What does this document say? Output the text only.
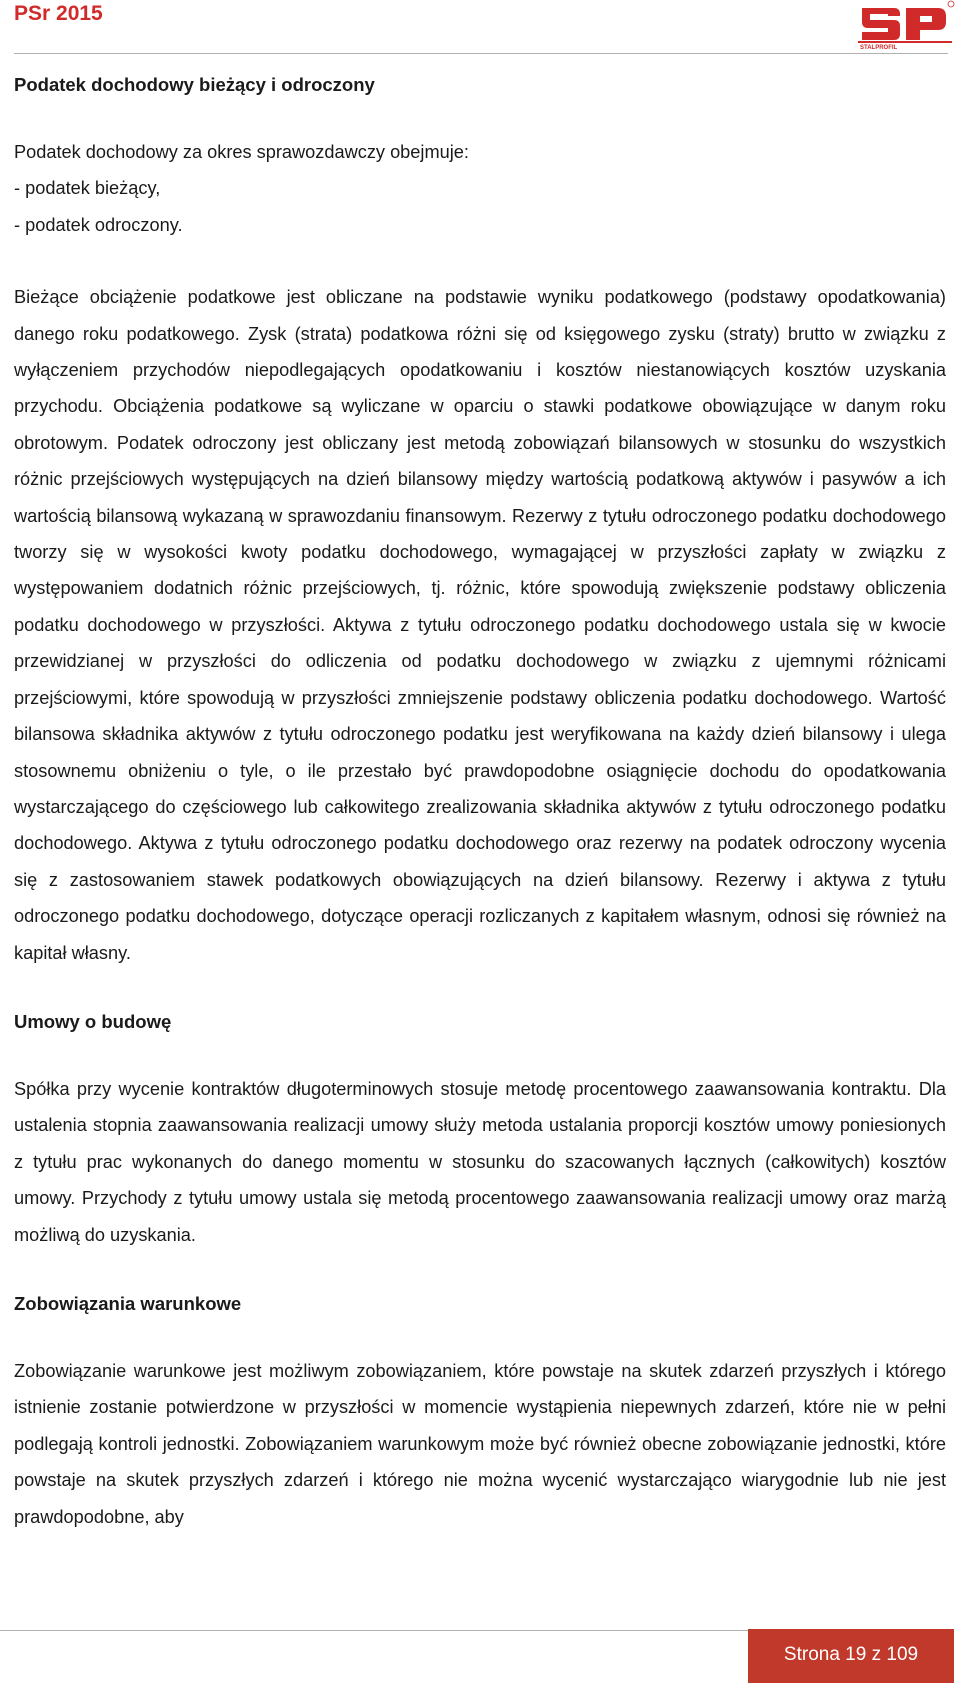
PSr 2015
STALPROFIL
Podatek dochodowy bieżący i odroczony

Podatek dochodowy za okres sprawozdawczy obejmuje:
- podatek bieżący,
- podatek odroczony.

Bieżące obciążenie podatkowe jest obliczane na podstawie wyniku podatkowego (podstawy opodatkowania) danego roku podatkowego. Zysk (strata) podatkowa różni się od księgowego zysku (straty) brutto w związku z wyłączeniem przychodów niepodlegających opodatkowaniu i kosztów niestanowiących kosztów uzyskania przychodu. Obciążenia podatkowe są wyliczane w oparciu o stawki podatkowe obowiązujące w danym roku obrotowym. Podatek odroczony jest obliczany jest metodą zobowiązań bilansowych w stosunku do wszystkich różnic przejściowych występujących na dzień bilansowy między wartością podatkową aktywów i pasywów a ich wartością bilansową wykazaną w sprawozdaniu finansowym. Rezerwy z tytułu odroczonego podatku dochodowego tworzy się w wysokości kwoty podatku dochodowego, wymagającej w przyszłości zapłaty w związku z występowaniem dodatnich różnic przejściowych, tj. różnic, które spowodują zwiększenie podstawy obliczenia podatku dochodowego w przyszłości. Aktywa z tytułu odroczonego podatku dochodowego ustala się w kwocie przewidzianej w przyszłości do odliczenia od podatku dochodowego w związku z ujemnymi różnicami przejściowymi, które spowodują w przyszłości zmniejszenie podstawy obliczenia podatku dochodowego. Wartość bilansowa składnika aktywów z tytułu odroczonego podatku jest weryfikowana na każdy dzień bilansowy i ulega stosownemu obniżeniu o tyle, o ile przestało być prawdopodobne osiągnięcie dochodu do opodatkowania wystarczającego do częściowego lub całkowitego zrealizowania składnika aktywów z tytułu odroczonego podatku dochodowego. Aktywa z tytułu odroczonego podatku dochodowego oraz rezerwy na podatek odroczony wycenia się z zastosowaniem stawek podatkowych obowiązujących na dzień bilansowy. Rezerwy i aktywa z tytułu odroczonego podatku dochodowego, dotyczące operacji rozliczanych z kapitałem własnym, odnosi się również na kapitał własny.

Umowy o budowę

Spółka przy wycenie kontraktów długoterminowych stosuje metodę procentowego zaawansowania kontraktu. Dla ustalenia stopnia zaawansowania realizacji umowy służy metoda ustalania proporcji kosztów umowy poniesionych z tytułu prac wykonanych do danego momentu w stosunku do szacowanych łącznych (całkowitych) kosztów umowy. Przychody z tytułu umowy ustala się metodą procentowego zaawansowania realizacji umowy oraz marżą możliwą do uzyskania.

Zobowiązania warunkowe

Zobowiązanie warunkowe jest możliwym zobowiązaniem, które powstaje na skutek zdarzeń przyszłych i którego istnienie zostanie potwierdzone w przyszłości w momencie wystąpienia niepewnych zdarzeń, które nie w pełni podlegają kontroli jednostki. Zobowiązaniem warunkowym może być również obecne zobowiązanie jednostki, które powstaje na skutek przyszłych zdarzeń i którego nie można wycenić wystarczająco wiarygodnie lub nie jest prawdopodobne, aby

Strona 19 z 109
